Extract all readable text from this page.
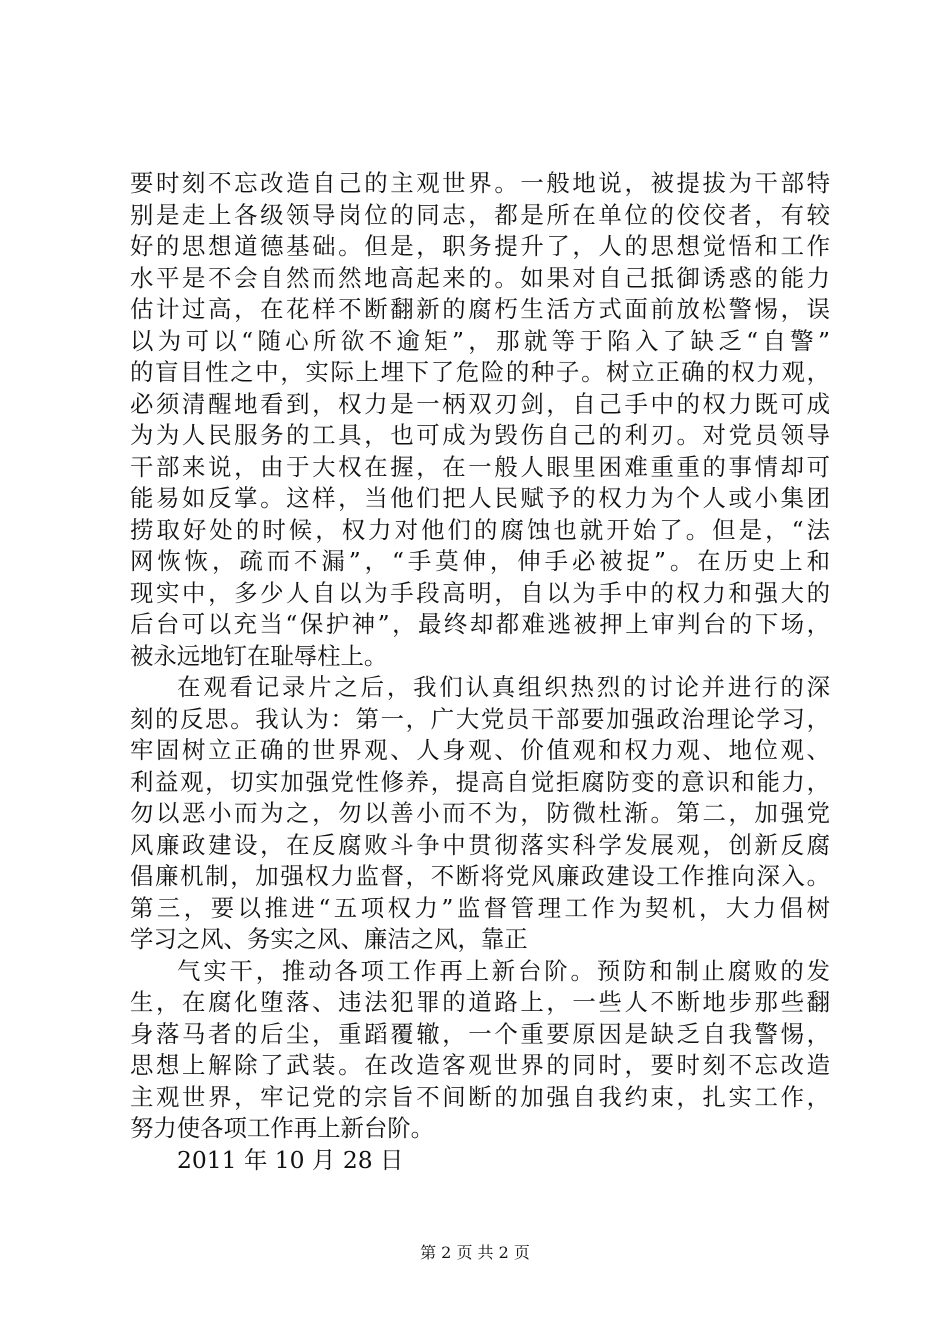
要时刻不忘改造自己的主观世界。一般地说，被提拔为干部特
别是走上各级领导岗位的同志，都是所在单位的佼佼者，有较
好的思想道德基础。但是，职务提升了，人的思想觉悟和工作
水平是不会自然而然地高起来的。如果对自己抵御诱惑的能力
估计过高，在花样不断翻新的腐朽生活方式面前放松警惕，误
以为可以“随心所欲不逾矩”，那就等于陷入了缺乏“自警”
的盲目性之中，实际上埋下了危险的种子。树立正确的权力观，
必须清醒地看到，权力是一柄双刃剑，自己手中的权力既可成
为为人民服务的工具，也可成为毁伤自己的利刃。对党员领导
干部来说，由于大权在握，在一般人眼里困难重重的事情却可
能易如反掌。这样，当他们把人民赋予的权力为个人或小集团
捞取好处的时候，权力对他们的腐蚀也就开始了。但是，“法
网恢恢，疏而不漏”，“手莫伸，伸手必被捉”。在历史上和
现实中，多少人自以为手段高明，自以为手中的权力和强大的
后台可以充当“保护神”，最终却都难逃被押上审判台的下场，
被永远地钉在耻辱柱上。
在观看记录片之后，我们认真组织热烈的讨论并进行的深
刻的反思。我认为：第一，广大党员干部要加强政治理论学习，
牢固树立正确的世界观、人身观、价值观和权力观、地位观、
利益观，切实加强党性修养，提高自觉拒腐防变的意识和能力，
勿以恶小而为之，勿以善小而不为，防微杜渐。第二，加强党
风廉政建设，在反腐败斗争中贯彻落实科学发展观，创新反腐
倡廉机制，加强权力监督，不断将党风廉政建设工作推向深入。
第三，要以推进“五项权力”监督管理工作为契机，大力倡树
学习之风、务实之风、廉洁之风，靠正
气实干，推动各项工作再上新台阶。预防和制止腐败的发
生，在腐化堕落、违法犯罪的道路上，一些人不断地步那些翻
身落马者的后尘，重蹈覆辙，一个重要原因是缺乏自我警惕，
思想上解除了武装。在改造客观世界的同时，要时刻不忘改造
主观世界，牢记党的宗旨不间断的加强自我约束，扎实工作，
努力使各项工作再上新台阶。
2011 年 10 月 28 日
第 2 页 共 2 页
